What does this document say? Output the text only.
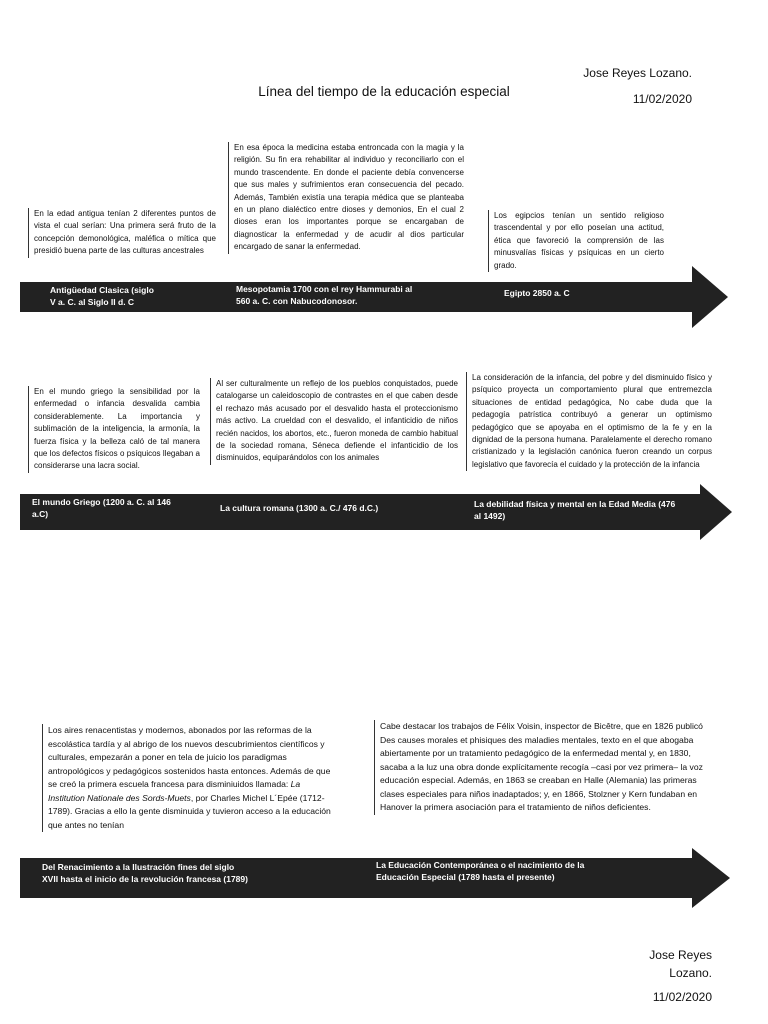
Jose Reyes Lozano.
11/02/2020
Línea del tiempo de la educación especial
En la edad antigua tenían 2 diferentes puntos de vista el cual serían: Una primera será fruto de la concepción demonológica, maléfica o mítica que presidió buena parte de las culturas ancestrales
En esa época la medicina estaba entroncada con la magia y la religión. Su fin era rehabilitar al individuo y reconciliarlo con el mundo trascendente. En donde el paciente debía convencerse que sus males y sufrimientos eran consecuencia del pecado. Además, También existía una terapia médica que se planteaba en un plano dialéctico entre dioses y demonios, En el cual 2 dioses eran los importantes porque se encargaban de diagnosticar la enfermedad y de acudir al dios particular encargado de sanar la enfermedad.
Los egipcios tenían un sentido religioso trascendental y por ello poseían una actitud, ética que favoreció la comprensión de las minusvalías físicas y psíquicas en un cierto grado.
Antigüedad Clasica (siglo
V a. C. al Siglo II d. C
Mesopotamia 1700 con el rey Hammurabi al
560 a. C. con Nabucodonosor.
Egipto 2850 a. C
En el mundo griego la sensibilidad por la enfermedad o infancia desvalida cambia considerablemente. La importancia y sublimación de la inteligencia, la armonía, la fuerza física y la belleza caló de tal manera que los defectos físicos o psíquicos llegaban a considerarse una lacra social.
Al ser culturalmente un reflejo de los pueblos conquistados, puede catalogarse un caleidoscopio de contrastes en el que caben desde el rechazo más acusado por el desvalido hasta el proteccionismo más activo. La crueldad con el desvalido, el infanticidio de niños recién nacidos, los abortos, etc., fueron moneda de cambio habitual de la sociedad romana, Séneca defiende el infanticidio de los disminuidos, equiparándolos con los animales
La consideración de la infancia, del pobre y del disminuido físico y psíquico proyecta un comportamiento plural que entremezcla situaciones de entidad pedagógica, No cabe duda que la pedagogía patrística contribuyó a generar un optimismo pedagógico que se apoyaba en el optimismo de la fe y en la dignidad de la persona humana. Paralelamente el derecho romano cristianizado y la legislación canónica fueron creando un corpus legislativo que favorecía el cuidado y la protección de la infancia
El mundo Griego (1200 a. C. al 146
a.C)
La cultura romana (1300 a. C./ 476 d.C.)	La debilidad física y mental en la Edad Media (476
al 1492)
Los aires renacentistas y modernos, abonados por las reformas de la escolástica tardía y al abrigo de los nuevos descubrimientos científicos y culturales, empezarán a poner en tela de juicio los paradigmas antropológicos y pedagógicos sostenidos hasta entonces. Además de que se creó la primera escuela francesa para disminiuidos llamada: La Institution Nationale des Sords-Muets, por Charles Michel L´Epée (1712-1789). Gracias a ello la gente disminuida y tuvieron acceso a la educación que antes no tenían
Cabe destacar los trabajos de Félix Voisin, inspector de Bicêtre, que en 1826 publicó Des causes morales et phisiques des maladies mentales, texto en el que abogaba abiertamente por un tratamiento pedagógico de la enfermedad mental y, en 1830, sacaba a la luz una obra donde explícitamente recogía –casi por vez primera– la voz educación especial. Además, en 1863 se creaban en Halle (Alemania) las primeras clases especiales para niños inadaptados; y, en 1866, Stolzner y Kern fundaban en Hanover la primera asociación para el tratamiento de niños deficientes.
Del Renacimiento a la Ilustración fines del siglo
XVII hasta el inicio de la revolución francesa (1789)
La Educación Contemporánea o el nacimiento de la
Educación Especial (1789 hasta el presente)
Jose Reyes
Lozano.
11/02/2020
